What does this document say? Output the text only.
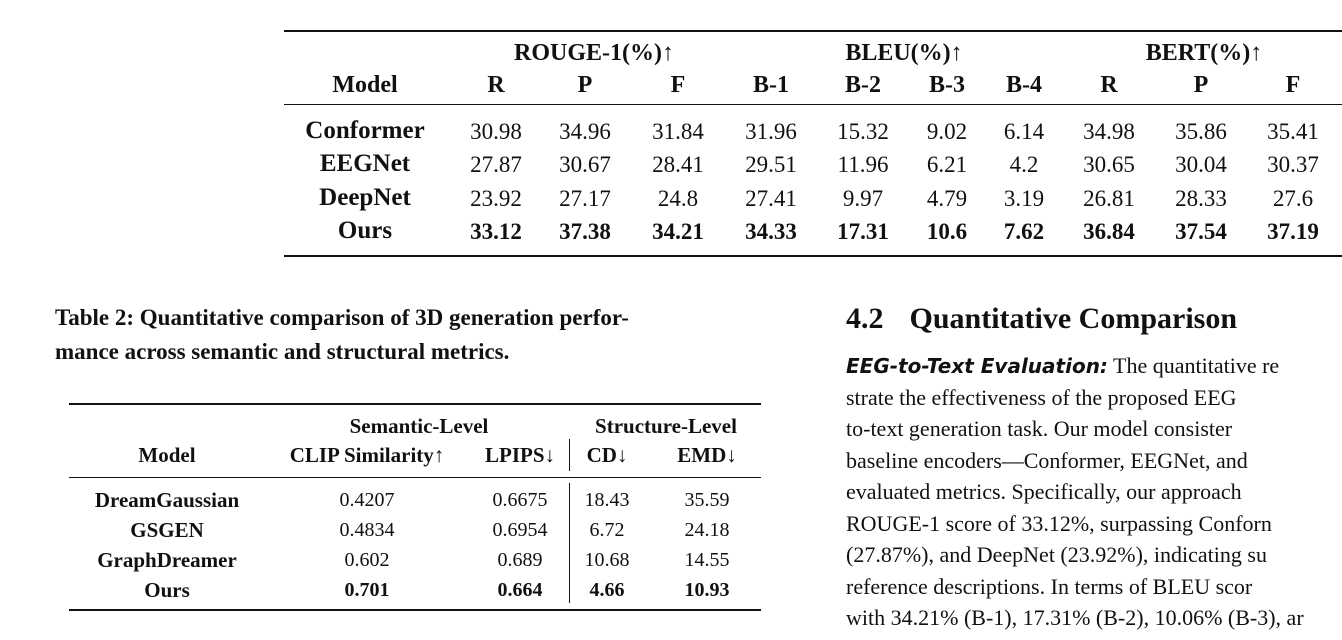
ROUGE-1(%)↑	BLEU(%)↑	BERT(%)↑
Model	R	P	F	B-1	B-2	B-3	B-4	R	P	F
Conformer	30.98	34.96	31.84	31.96	15.32	9.02	6.14	34.98	35.86	35.41
EEGNet	27.87	30.67	28.41	29.51	11.96	6.21	4.2	30.65	30.04	30.37
DeepNet	23.92	27.17	24.8	27.41	9.97	4.79	3.19	26.81	28.33	27.6
Ours	33.12	37.38	34.21	34.33	17.31	10.6	7.62	36.84	37.54	37.19
Table 2: Quantitative comparison of 3D generation perfor-
mance across semantic and structural metrics.
Semantic-Level	Structure-Level
Model	CLIP Similarity↑	LPIPS↓	CD↓	EMD↓
DreamGaussian	0.4207	0.6675	18.43	35.59
GSGEN	0.4834	0.6954	6.72	24.18
GraphDreamer	0.602	0.689	10.68	14.55
Ours	0.701	0.664	4.66	10.93
4.2 Quantitative Comparison
EEG-to-Text Evaluation: The quantitative re
strate the effectiveness of the proposed EEG
to-text generation task. Our model consister
baseline encoders—Conformer, EEGNet, and
evaluated metrics. Specifically, our approach
ROUGE-1 score of 33.12%, surpassing Conforn
(27.87%), and DeepNet (23.92%), indicating su
reference descriptions. In terms of BLEU scor
with 34.21% (B-1), 17.31% (B-2), 10.06% (B-3), ar
